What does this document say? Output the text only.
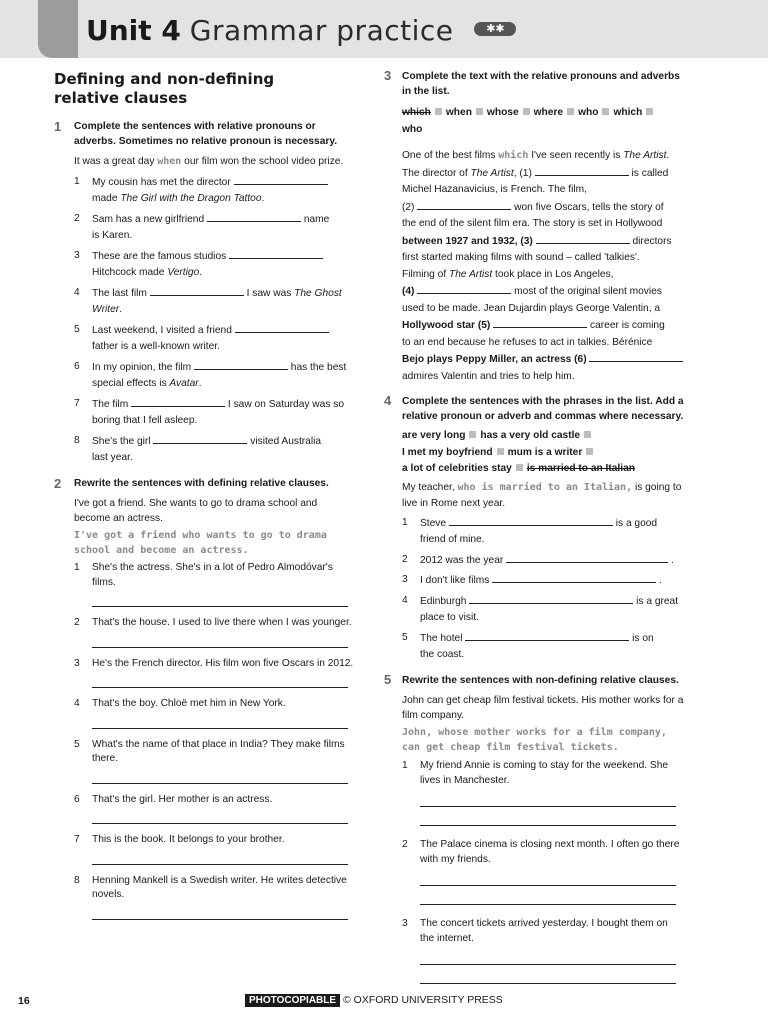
Unit 4 Grammar practice	✱✱
Defining and non-defining
relative clauses
1	Complete the sentences with relative pronouns or adverbs. Sometimes no relative pronoun is necessary.
It was a great day when our film won the school video prize.
1 My cousin has met the director
made The Girl with the Dragon Tattoo.
2 Sam has a new girlfriend	name
is Karen.
3 These are the famous studios
Hitchcock made Vertigo.
4 The last film	I saw was The Ghost
Writer.
5 Last weekend, I visited a friend
father is a well-known writer.
6 In my opinion, the film	has the best
special effects is Avatar.
7 The film	I saw on Saturday was so
boring that I fell asleep.
8 She's the girl	visited Australia
last year.
2	Rewrite the sentences with defining relative clauses.
I've got a friend. She wants to go to drama school and become an actress.
I've got a friend who wants to go to drama school and become an actress.
1 She's the actress. She's in a lot of Pedro Almodóvar's films.
2 That's the house. I used to live there when I was younger.
3 He's the French director. His film won five Oscars in 2012.
4 That's the boy. Chloë met him in New York.
5 What's the name of that place in India? They make films there.
6 That's the girl. Her mother is an actress.
7 This is the book. It belongs to your brother.
8 Henning Mankell is a Swedish writer. He writes detective novels.
3	Complete the text with the relative pronouns and adverbs in the list.
which when whose where who which
who
One of the best films which I've seen recently is The Artist.
The director of The Artist, (1)	is called
Michel Hazanavicius, is French. The film,
(2)	won five Oscars, tells the story of
the end of the silent film era. The story is set in Hollywood
between 1927 and 1932, (3)	directors
first started making films with sound – called 'talkies'.
Filming of The Artist took place in Los Angeles,
(4)	most of the original silent movies
used to be made. Jean Dujardin plays George Valentin, a
Hollywood star (5)	career is coming
to an end because he refuses to act in talkies. Bérénice
Bejo plays Peppy Miller, an actress (6)
admires Valentin and tries to help him.
4	Complete the sentences with the phrases in the list. Add a relative pronoun or adverb and commas where necessary.
are very long has a very old castle
I met my boyfriend mum is a writer
a lot of celebrities stay is married to an Italian
My teacher, who is married to an Italian, is going to live in Rome next year.
1 Steve	is a good
friend of mine.
2 2012 was the year	.
3 I don't like films	.
4 Edinburgh	is a great
place to visit.
5 The hotel	is on
the coast.
5	Rewrite the sentences with non-defining relative clauses.
John can get cheap film festival tickets. His mother works for a film company.
John, whose mother works for a film company, can get cheap film festival tickets.
1 My friend Annie is coming to stay for the weekend. She lives in Manchester.
2 The Palace cinema is closing next month. I often go there with my friends.
3 The concert tickets arrived yesterday. I bought them on the internet.
16	PHOTOCOPIABLE © OXFORD UNIVERSITY PRESS
